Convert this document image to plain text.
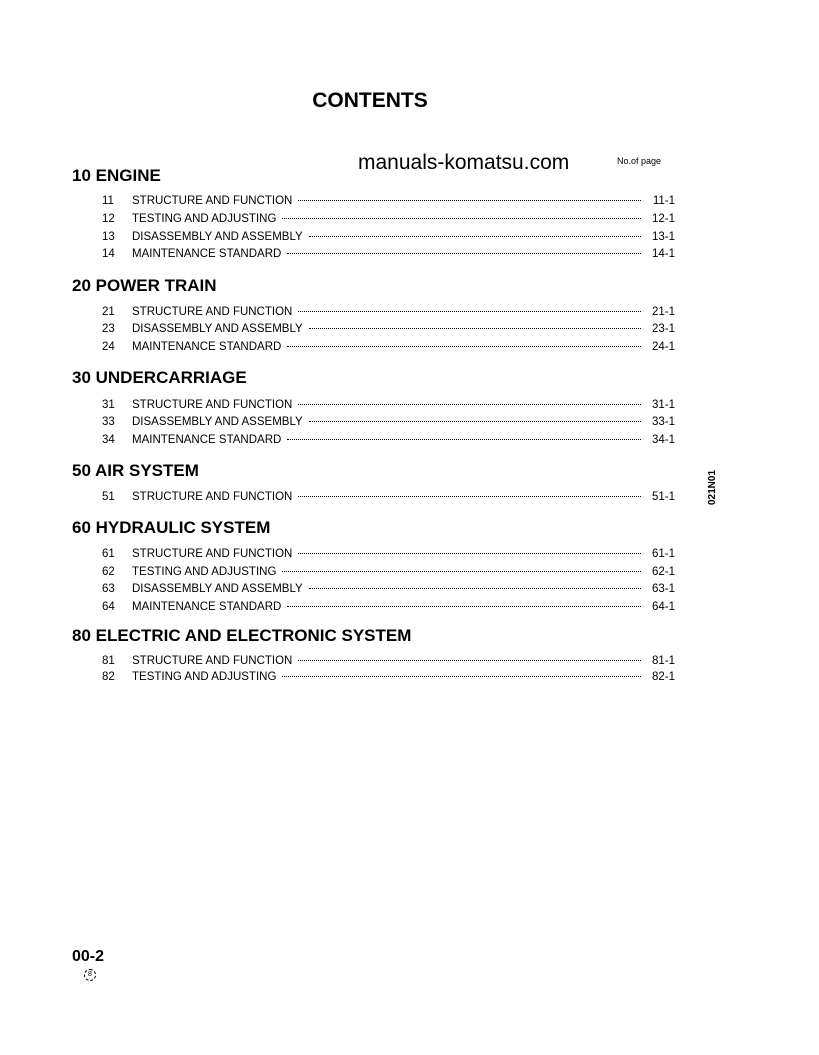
CONTENTS
manuals-komatsu.com	No.of page
10 ENGINE
11	STRUCTURE AND FUNCTION	11-1
12	TESTING AND ADJUSTING	12-1
13	DISASSEMBLY AND ASSEMBLY	13-1
14	MAINTENANCE STANDARD	14-1
20 POWER TRAIN
21	STRUCTURE AND FUNCTION	21-1
23	DISASSEMBLY AND ASSEMBLY	23-1
24	MAINTENANCE STANDARD	24-1
30 UNDERCARRIAGE
31	STRUCTURE AND FUNCTION	31-1
33	DISASSEMBLY AND ASSEMBLY	33-1
34	MAINTENANCE STANDARD	34-1
50 AIR SYSTEM
51	STRUCTURE AND FUNCTION	51-1
60 HYDRAULIC SYSTEM
61	STRUCTURE AND FUNCTION	61-1
62	TESTING AND ADJUSTING	62-1
63	DISASSEMBLY AND ASSEMBLY	63-1
64	MAINTENANCE STANDARD	64-1
80 ELECTRIC AND ELECTRONIC SYSTEM
81	STRUCTURE AND FUNCTION	81-1
82	TESTING AND ADJUSTING	82-1
021N01
00-2
8
